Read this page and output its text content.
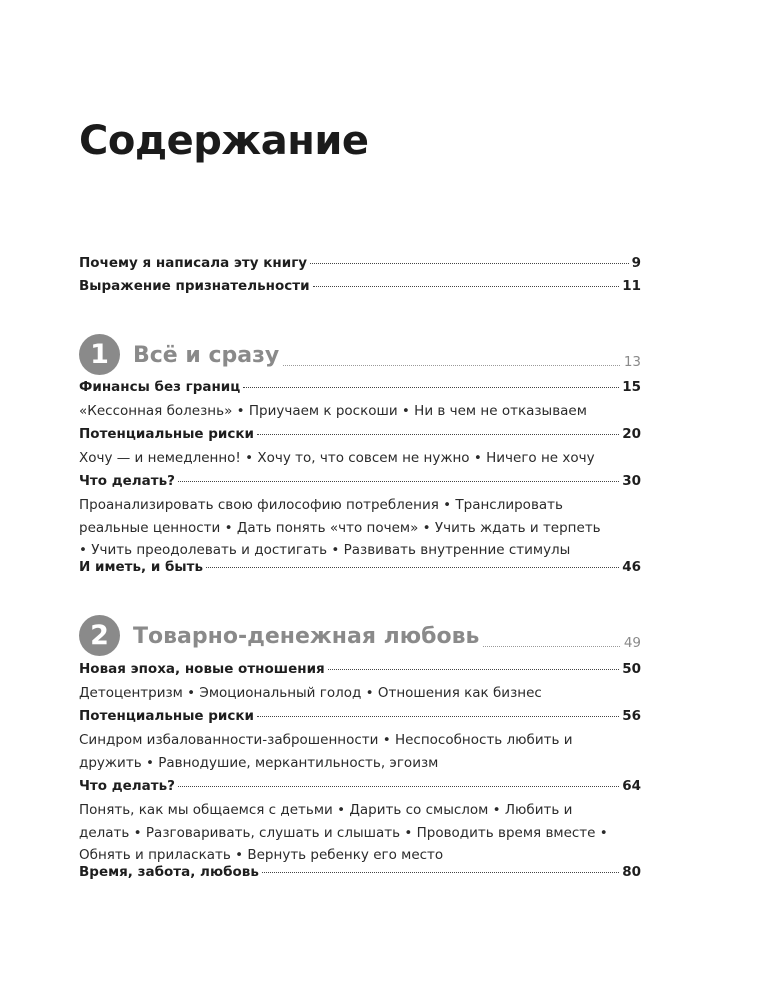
Содержание
Почему я написала эту книгу	9
Выражение признательности	11
1	Всё и сразу	13
Финансы без границ	15

«Кессонная болезнь» • Приучаем к роскоши • Ни в чем не отказываем

Потенциальные риски	20

Хочу — и немедленно! • Хочу то, что совсем не нужно • Ничего не хочу

Что делать?	30

Проанализировать свою философию потребления • Транслировать реальные ценности • Дать понять «что почем» • Учить ждать и терпеть • Учить преодолевать и достигать • Развивать внутренние стимулы

И иметь, и быть	46
2	Товарно-денежная любовь	49
Новая эпоха, новые отношения	50

Детоцентризм • Эмоциональный голод • Отношения как бизнес

Потенциальные риски	56

Синдром избалованности-заброшенности • Неспособность любить и дружить • Равнодушие, меркантильность, эгоизм

Что делать?	64

Понять, как мы общаемся с детьми • Дарить со смыслом • Любить и делать • Разговаривать, слушать и слышать • Проводить время вместе • Обнять и приласкать • Вернуть ребенку его место

Время, забота, любовь	80
